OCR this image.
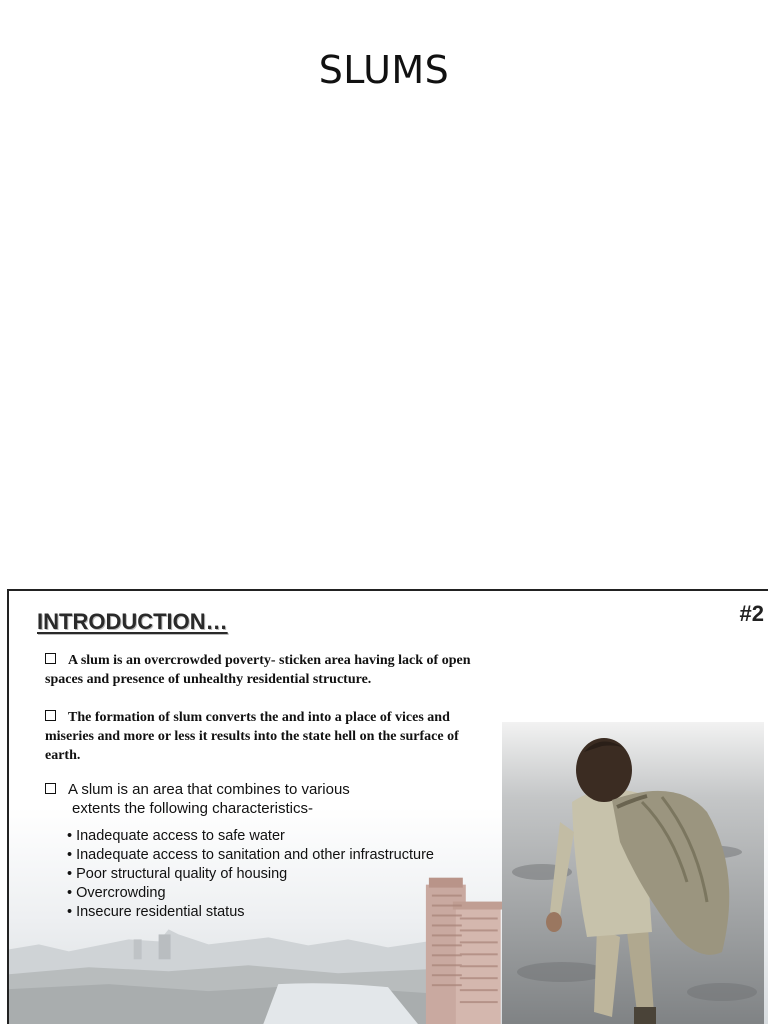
SLUMS
INTRODUCTION…	#2
A slum is an overcrowded poverty- sticken area having lack of open spaces and presence of unhealthy residential structure.
The formation of slum converts the and into a place of vices and miseries and more or less it results into the state hell on the surface of earth.
A slum is an area that combines to various
extents the following characteristics-
• Inadequate access to safe water
• Inadequate access to sanitation and other infrastructure
• Poor structural quality of housing
• Overcrowding
• Insecure residential status
